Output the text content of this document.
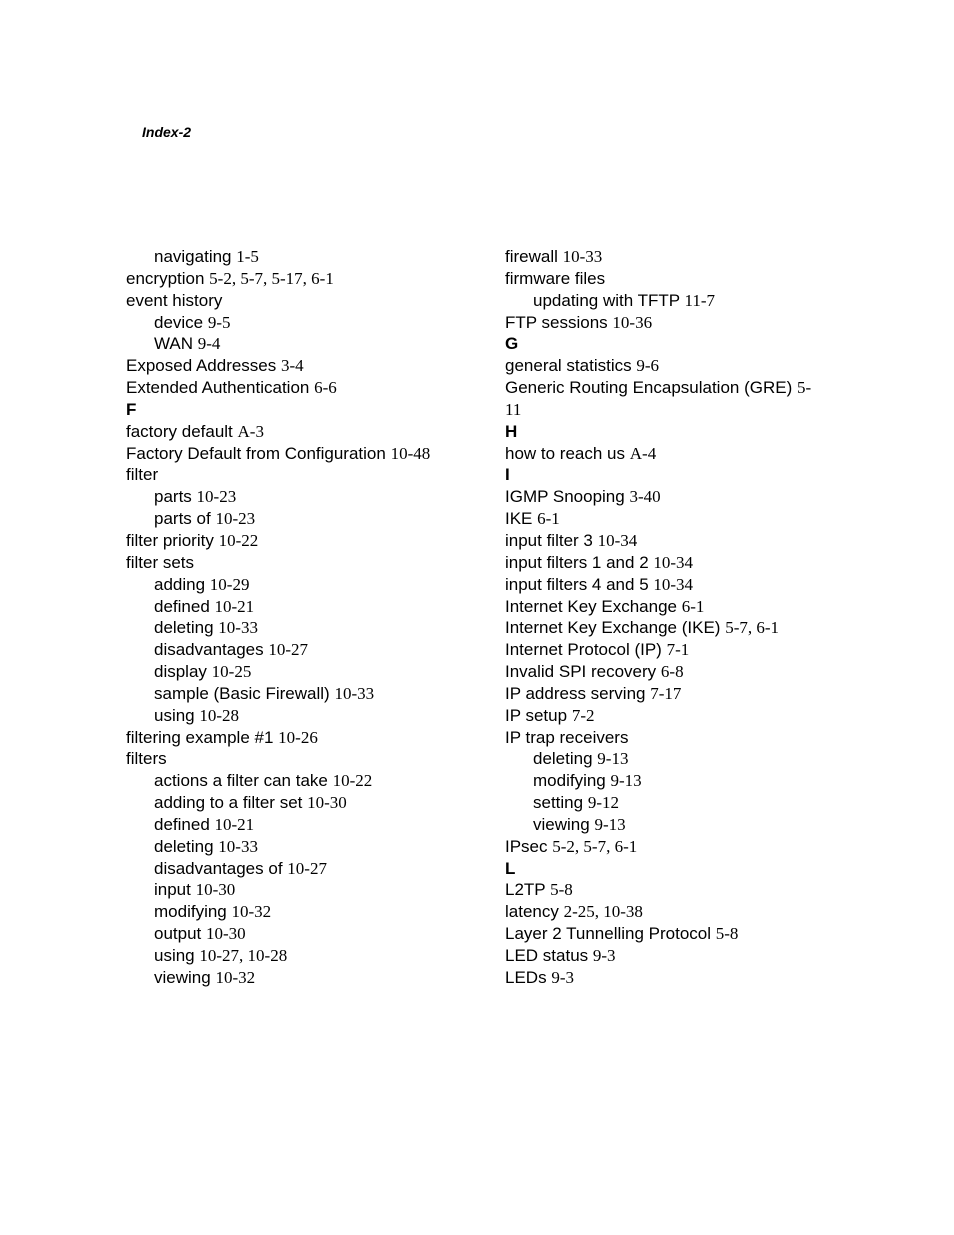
Index-2
navigating 1-5
encryption 5-2, 5-7, 5-17, 6-1
event history
device 9-5
WAN 9-4
Exposed Addresses 3-4
Extended Authentication 6-6
F
factory default A-3
Factory Default from Configuration 10-48
filter
parts 10-23
parts of 10-23
filter priority 10-22
filter sets
adding 10-29
defined 10-21
deleting 10-33
disadvantages 10-27
display 10-25
sample (Basic Firewall) 10-33
using 10-28
filtering example #1 10-26
filters
actions a filter can take 10-22
adding to a filter set 10-30
defined 10-21
deleting 10-33
disadvantages of 10-27
input 10-30
modifying 10-32
output 10-30
using 10-27, 10-28
viewing 10-32
firewall 10-33
firmware files
updating with TFTP 11-7
FTP sessions 10-36
G
general statistics 9-6
Generic Routing Encapsulation (GRE) 5-
11
H
how to reach us A-4
I
IGMP Snooping 3-40
IKE 6-1
input filter 3 10-34
input filters 1 and 2 10-34
input filters 4 and 5 10-34
Internet Key Exchange 6-1
Internet Key Exchange (IKE) 5-7, 6-1
Internet Protocol (IP) 7-1
Invalid SPI recovery 6-8
IP address serving 7-17
IP setup 7-2
IP trap receivers
deleting 9-13
modifying 9-13
setting 9-12
viewing 9-13
IPsec 5-2, 5-7, 6-1
L
L2TP 5-8
latency 2-25, 10-38
Layer 2 Tunnelling Protocol 5-8
LED status 9-3
LEDs 9-3
